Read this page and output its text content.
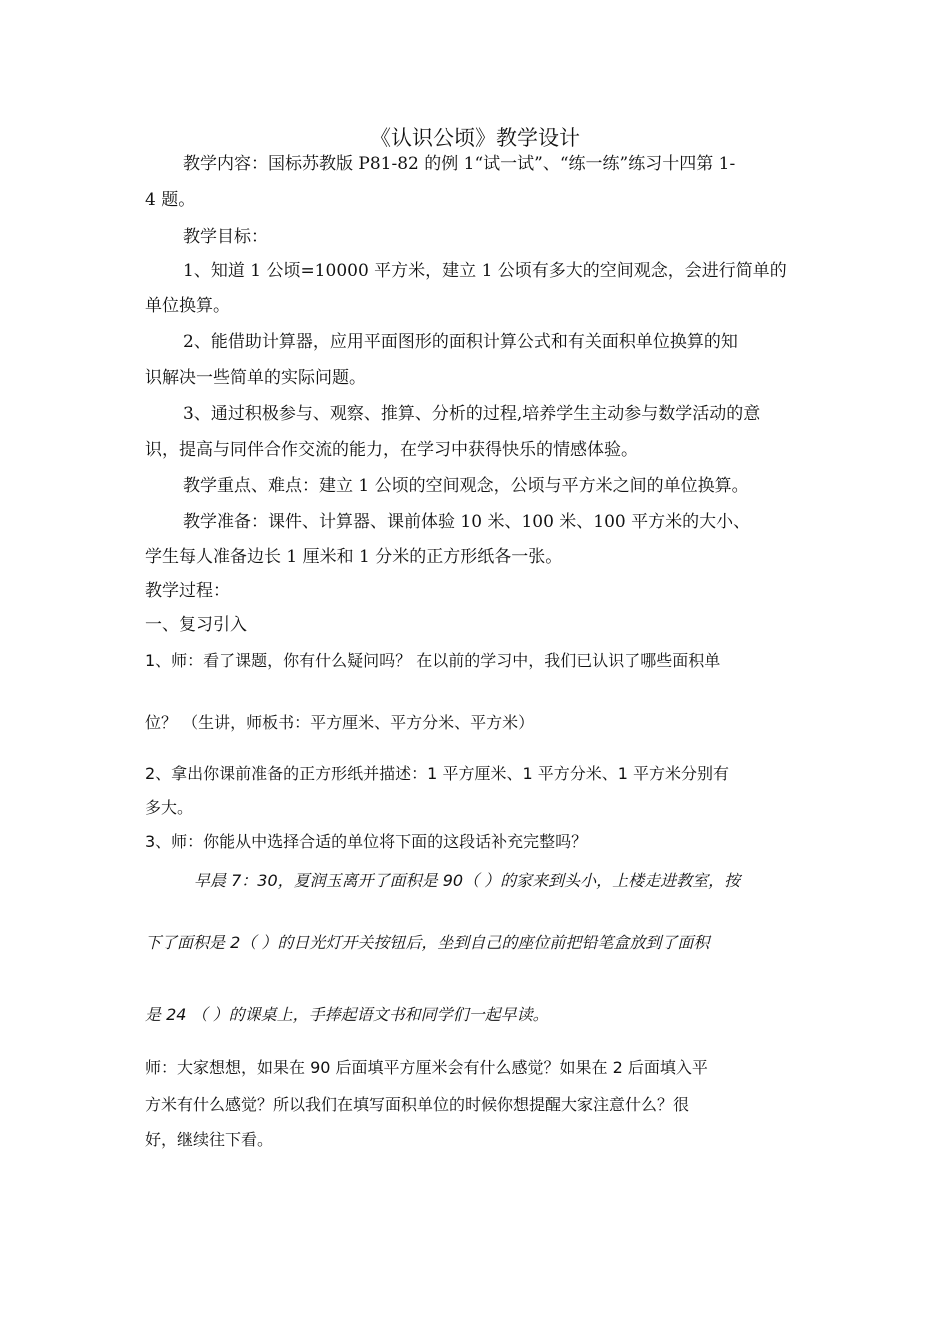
《认识公顷》教学设计
教学内容：国标苏教版 P81-82 的例 1“试一试”、“练一练”练习十四第 1-
4 题。
教学目标：
1、知道 1 公顷=10000 平方米，建立 1 公顷有多大的空间观念，会进行简单的
单位换算。
2、能借助计算器，应用平面图形的面积计算公式和有关面积单位换算的知
识解决一些简单的实际问题。
3、通过积极参与、观察、推算、分析的过程,培养学生主动参与数学活动的意
识，提高与同伴合作交流的能力，在学习中获得快乐的情感体验。
教学重点、难点：建立 1 公顷的空间观念，公顷与平方米之间的单位换算。
教学准备：课件、计算器、课前体验 10 米、100 米、100 平方米的大小、
学生每人准备边长 1 厘米和 1 分米的正方形纸各一张。
教学过程：
一、复习引入
1、师：看了课题，你有什么疑问吗？ 在以前的学习中，我们已认识了哪些面积单
位？ （生讲，师板书：平方厘米、平方分米、平方米）
2、拿出你课前准备的正方形纸并描述：1 平方厘米、1 平方分米、1 平方米分别有
多大。
3、师：你能从中选择合适的单位将下面的这段话补充完整吗？
早晨 7：30，夏润玉离开了面积是 90（ ）的家来到头小，上楼走进教室，按
下了面积是 2（ ）的日光灯开关按钮后，坐到自己的座位前把铅笔盒放到了面积
是 24 （ ）的课桌上，手捧起语文书和同学们一起早读。
师：大家想想，如果在 90 后面填平方厘米会有什么感觉？如果在 2 后面填入平
方米有什么感觉？所以我们在填写面积单位的时候你想提醒大家注意什么？很
好，继续往下看。
